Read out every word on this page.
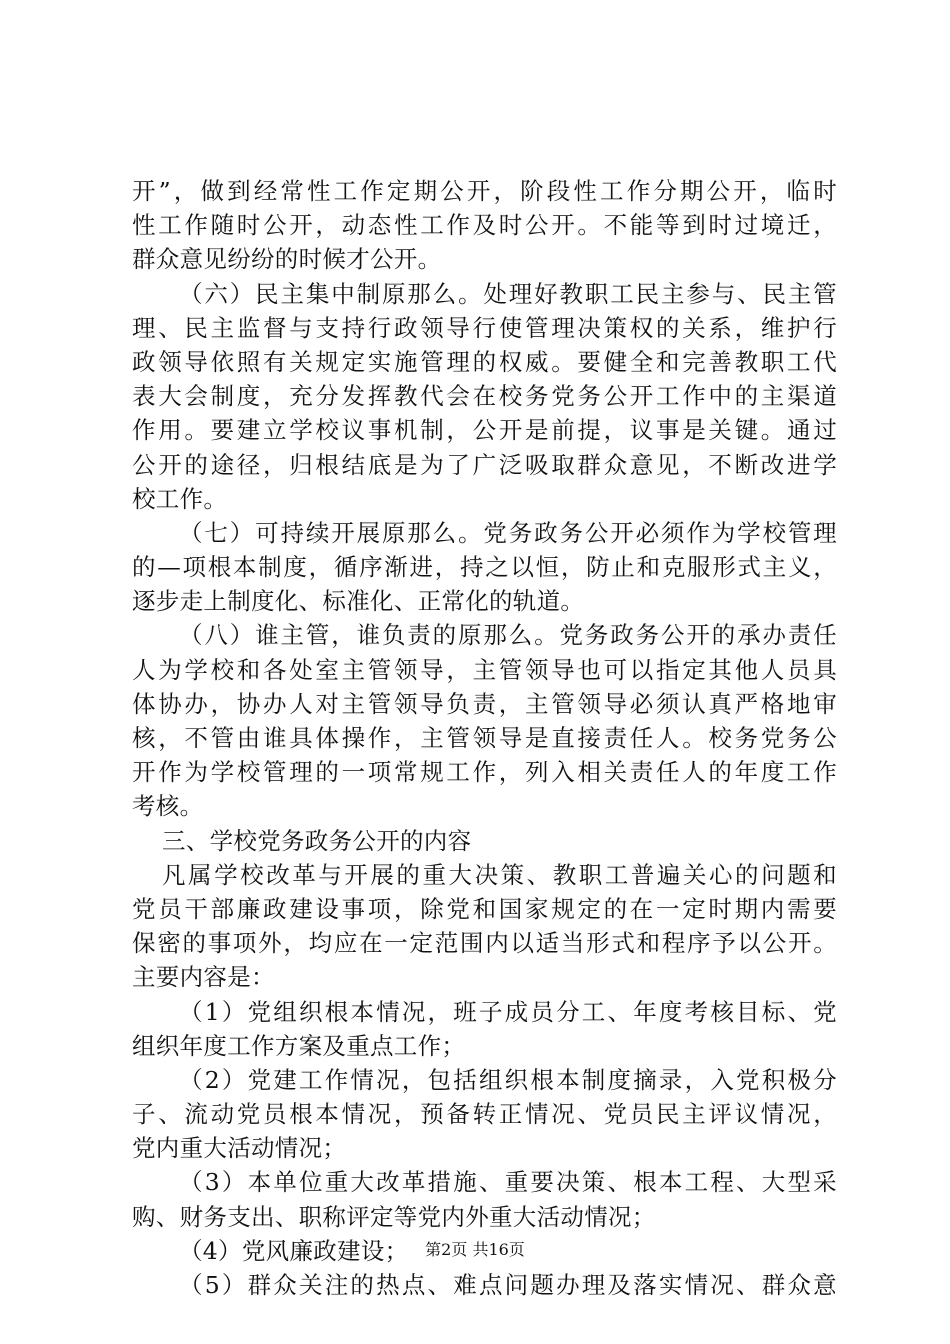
开”，做到经常性工作定期公开，阶段性工作分期公开，临时
性工作随时公开，动态性工作及时公开。不能等到时过境迁，
群众意见纷纷的时候才公开。
（六）民主集中制原那么。处理好教职工民主参与、民主管
理、民主监督与支持行政领导行使管理决策权的关系，维护行
政领导依照有关规定实施管理的权威。要健全和完善教职工代
表大会制度，充分发挥教代会在校务党务公开工作中的主渠道
作用。要建立学校议事机制，公开是前提，议事是关键。通过
公开的途径，归根结底是为了广泛吸取群众意见，不断改进学
校工作。
（七）可持续开展原那么。党务政务公开必须作为学校管理
的—项根本制度，循序渐进，持之以恒，防止和克服形式主义，
逐步走上制度化、标准化、正常化的轨道。
（八）谁主管，谁负责的原那么。党务政务公开的承办责任
人为学校和各处室主管领导，主管领导也可以指定其他人员具
体协办，协办人对主管领导负责，主管领导必须认真严格地审
核，不管由谁具体操作，主管领导是直接责任人。校务党务公
开作为学校管理的一项常规工作，列入相关责任人的年度工作
考核。
三、学校党务政务公开的内容
凡属学校改革与开展的重大决策、教职工普遍关心的问题和
党员干部廉政建设事项，除党和国家规定的在一定时期内需要
保密的事项外，均应在一定范围内以适当形式和程序予以公开。
主要内容是：
（1）党组织根本情况，班子成员分工、年度考核目标、党
组织年度工作方案及重点工作；
（2）党建工作情况，包括组织根本制度摘录，入党积极分
子、流动党员根本情况，预备转正情况、党员民主评议情况，
党内重大活动情况；
（3）本单位重大改革措施、重要决策、根本工程、大型采
购、财务支出、职称评定等党内外重大活动情况；
（4）党风廉政建设；
（5）群众关注的热点、难点问题办理及落实情况、群众意
第2页 共16页
